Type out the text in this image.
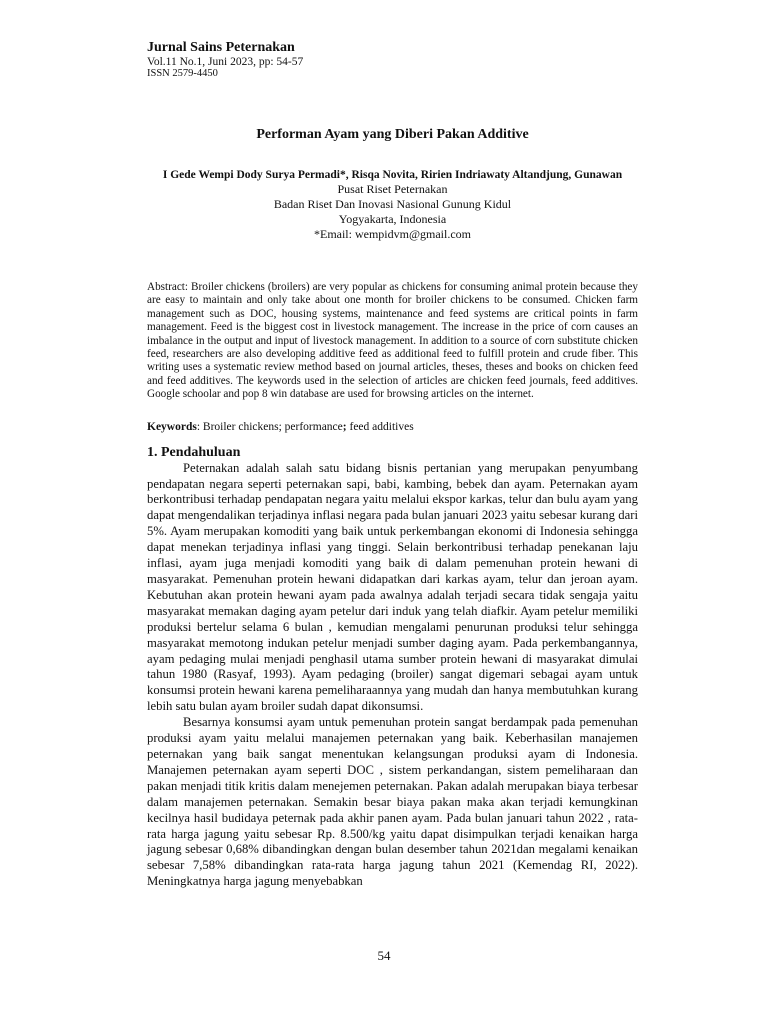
Jurnal Sains Peternakan
Vol.11 No.1, Juni 2023, pp: 54-57
ISSN 2579-4450
Performan Ayam yang Diberi Pakan Additive
I Gede Wempi Dody Surya Permadi*, Risqa Novita, Ririen Indriawaty Altandjung, Gunawan
Pusat Riset Peternakan
Badan Riset Dan Inovasi Nasional Gunung Kidul
Yogyakarta, Indonesia
*Email: wempidvm@gmail.com
Abstract: Broiler chickens (broilers) are very popular as chickens for consuming animal protein because they are easy to maintain and only take about one month for broiler chickens to be consumed. Chicken farm management such as DOC, housing systems, maintenance and feed systems are critical points in farm management. Feed is the biggest cost in livestock management. The increase in the price of corn causes an imbalance in the output and input of livestock management. In addition to a source of corn substitute chicken feed, researchers are also developing additive feed as additional feed to fulfill protein and crude fiber. This writing uses a systematic review method based on journal articles, theses, theses and books on chicken feed and feed additives. The keywords used in the selection of articles are chicken feed journals, feed additives. Google schoolar and pop 8 win database are used for browsing articles on the internet.
Keywords: Broiler chickens; performance; feed additives
1. Pendahuluan

Peternakan adalah salah satu bidang bisnis pertanian yang merupakan penyumbang pendapatan negara seperti peternakan sapi, babi, kambing, bebek dan ayam. Peternakan ayam berkontribusi terhadap pendapatan negara yaitu melalui ekspor karkas, telur dan bulu ayam yang dapat mengendalikan terjadinya inflasi negara pada bulan januari 2023 yaitu sebesar kurang dari 5%. Ayam merupakan komoditi yang baik untuk perkembangan ekonomi di Indonesia sehingga dapat menekan terjadinya inflasi yang tinggi. Selain berkontribusi terhadap penekanan laju inflasi, ayam juga menjadi komoditi yang baik di dalam pemenuhan protein hewani di masyarakat. Pemenuhan protein hewani didapatkan dari karkas ayam, telur dan jeroan ayam. Kebutuhan akan protein hewani ayam pada awalnya adalah terjadi secara tidak sengaja yaitu masyarakat memakan daging ayam petelur dari induk yang telah diafkir. Ayam petelur memiliki produksi bertelur selama 6 bulan , kemudian mengalami penurunan produksi telur sehingga masyarakat memotong indukan petelur menjadi sumber daging ayam. Pada perkembangannya, ayam pedaging mulai menjadi penghasil utama sumber protein hewani di masyarakat dimulai tahun 1980 (Rasyaf, 1993). Ayam pedaging (broiler) sangat digemari sebagai ayam untuk konsumsi protein hewani karena pemeliharaannya yang mudah dan hanya membutuhkan kurang lebih satu bulan ayam broiler sudah dapat dikonsumsi.

Besarnya konsumsi ayam untuk pemenuhan protein sangat berdampak pada pemenuhan produksi ayam yaitu melalui manajemen peternakan yang baik. Keberhasilan manajemen peternakan yang baik sangat menentukan kelangsungan produksi ayam di Indonesia. Manajemen peternakan ayam seperti DOC , sistem perkandangan, sistem pemeliharaan dan pakan menjadi titik kritis dalam menejemen peternakan. Pakan adalah merupakan biaya terbesar dalam manajemen peternakan. Semakin besar biaya pakan maka akan terjadi kemungkinan kecilnya hasil budidaya peternak pada akhir panen ayam. Pada bulan januari tahun 2022 , rata-rata harga jagung yaitu sebesar Rp. 8.500/kg yaitu dapat disimpulkan terjadi kenaikan harga jagung sebesar 0,68% dibandingkan dengan bulan desember tahun 2021dan megalami kenaikan sebesar 7,58% dibandingkan rata-rata harga jagung tahun 2021 (Kemendag RI, 2022). Meningkatnya harga jagung menyebabkan

54
